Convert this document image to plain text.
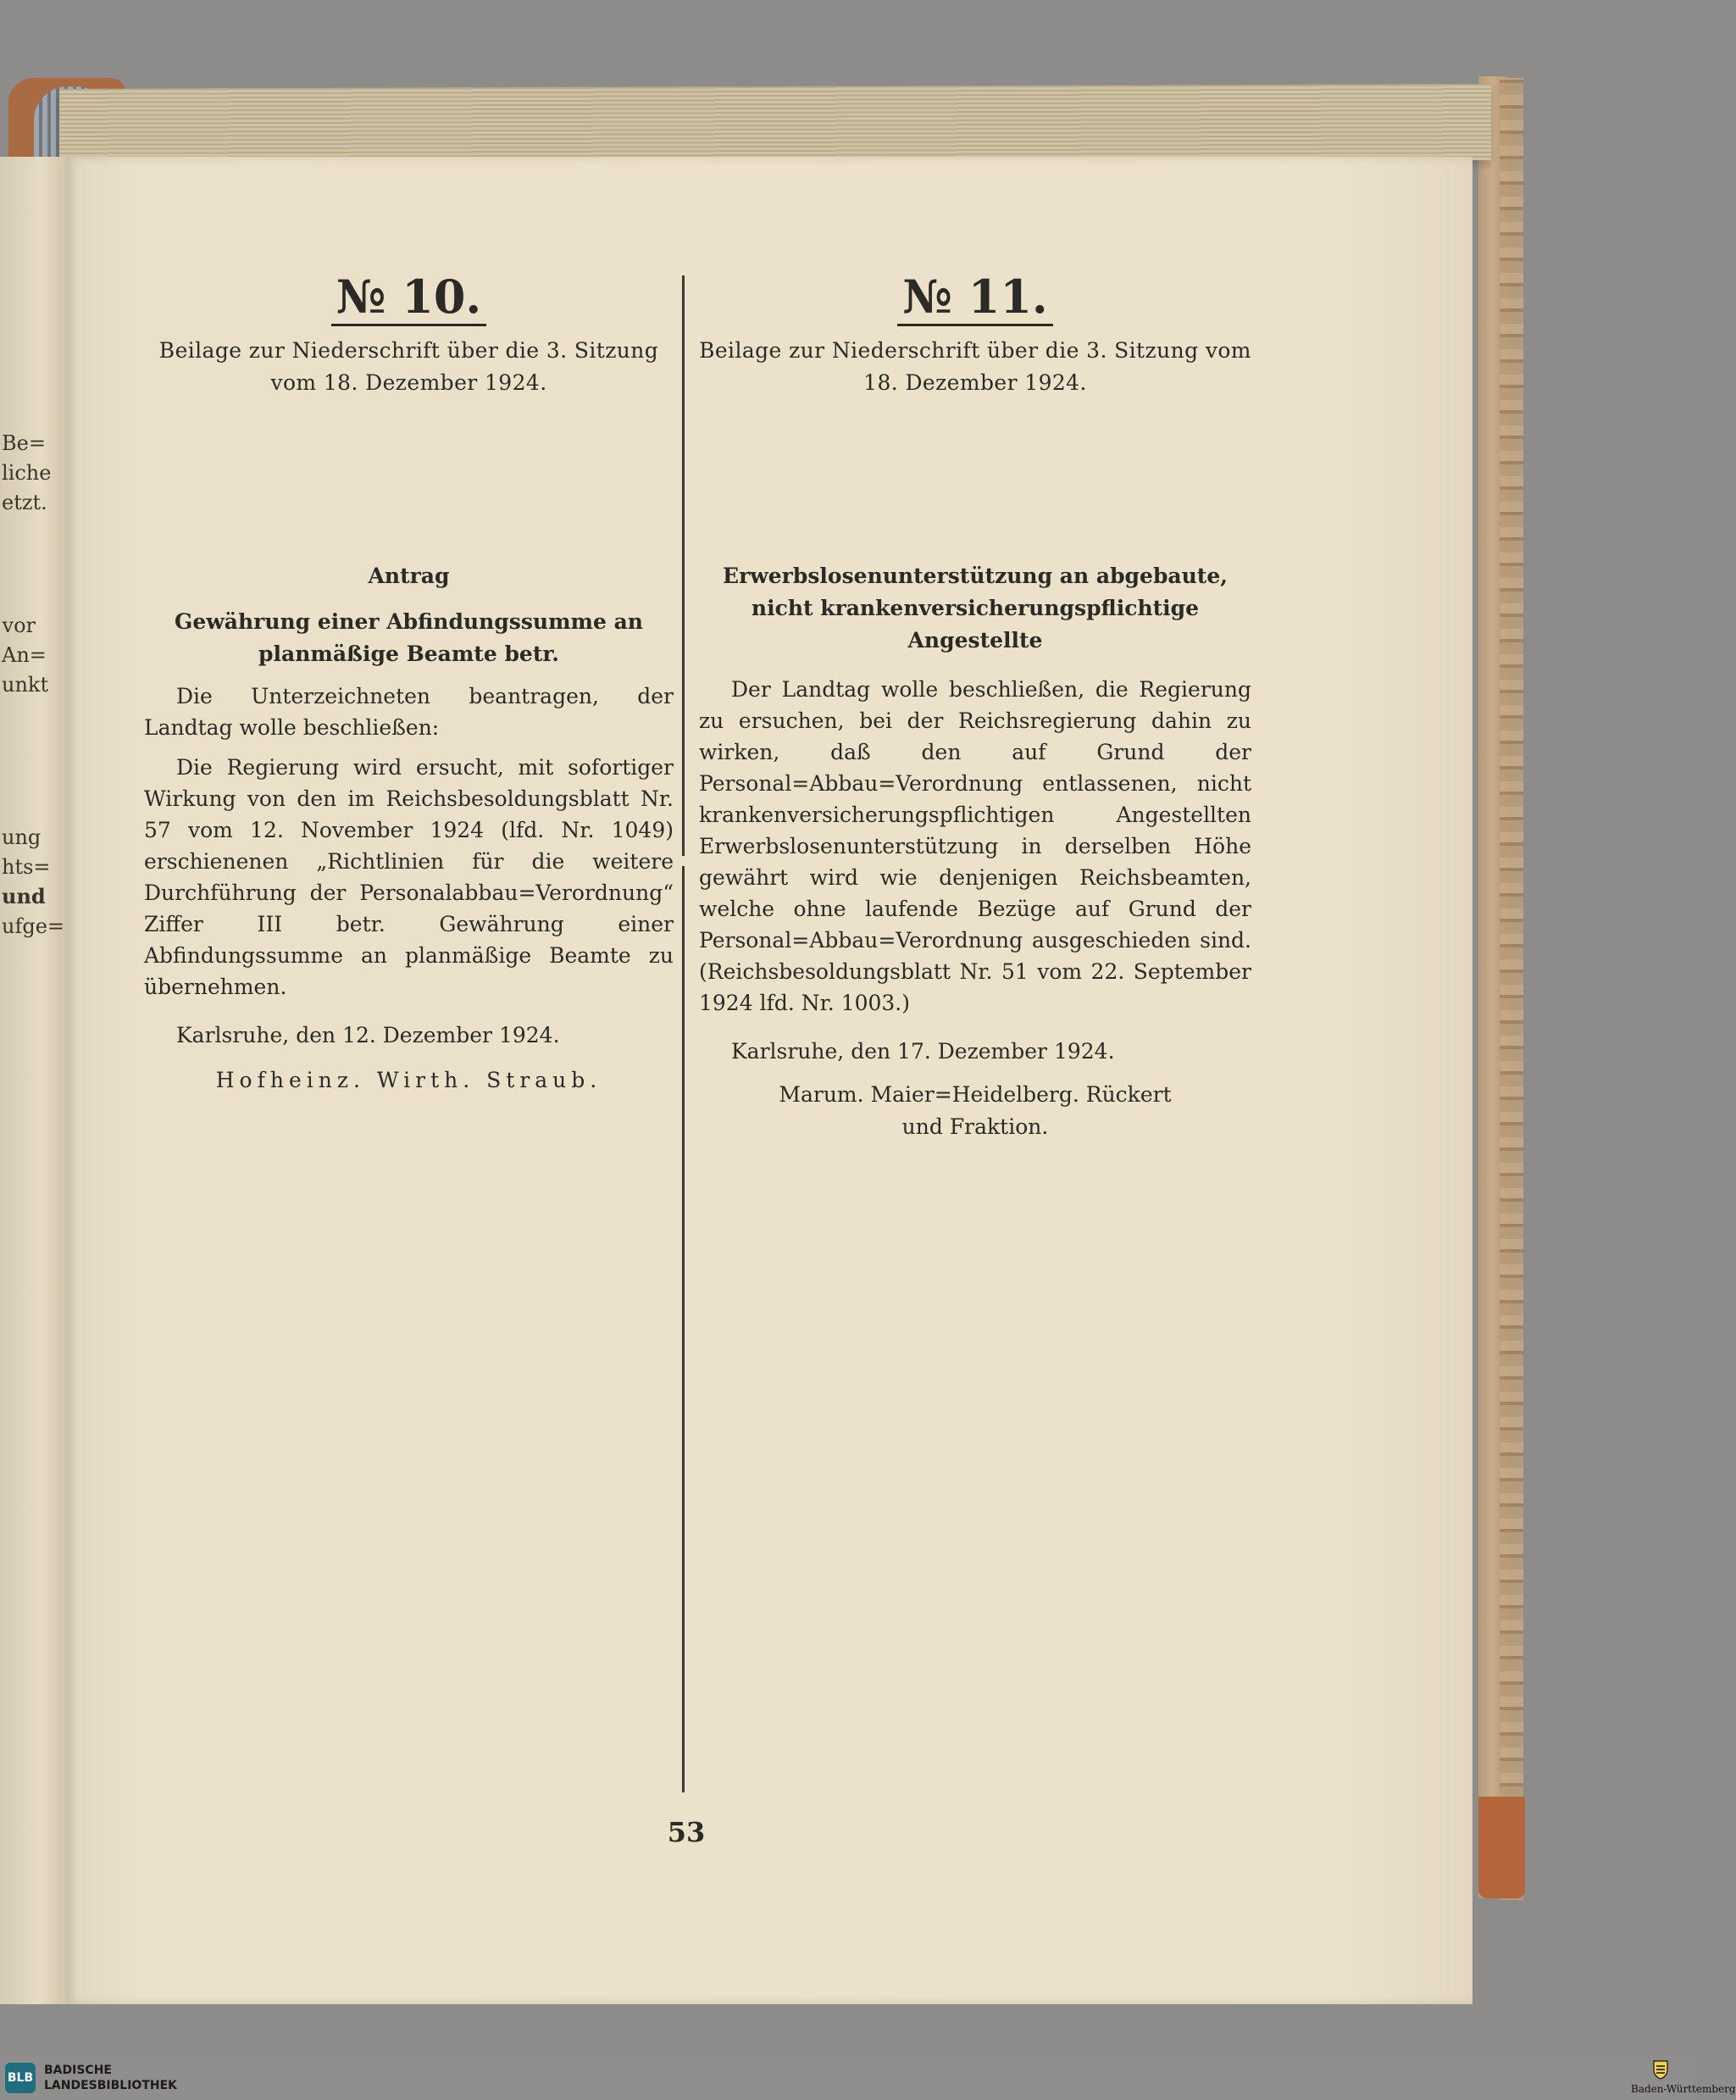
Be=
liche
etzt.
vor
An=
unkt
ung
hts=
und
ufge=

№ 10.

Beilage zur Niederschrift über die 3. Sitzung vom 18. Dezember 1924.

Antrag

Gewährung einer Abfindungssumme an planmäßige Beamte betr.

Die Unterzeichneten beantragen, der Landtag wolle beschließen:

Die Regierung wird ersucht, mit sofortiger Wirkung von den im Reichsbesoldungsblatt Nr. 57 vom 12. November 1924 (lfd. Nr. 1049) erschienenen „Richtlinien für die weitere Durchführung der Personalabbau=Verordnung“ Ziffer III betr. Gewährung einer Abfindungssumme an planmäßige Beamte zu übernehmen.

Karlsruhe, den 12. Dezember 1924.

Hofheinz. Wirth. Straub.

№ 11.

Beilage zur Niederschrift über die 3. Sitzung vom 18. Dezember 1924.

Erwerbslosenunterstützung an abgebaute, nicht krankenversicherungspflichtige Angestellte

Der Landtag wolle beschließen, die Regierung zu ersuchen, bei der Reichsregierung dahin zu wirken, daß den auf Grund der Personal=Abbau=Verordnung entlassenen, nicht krankenversicherungspflichtigen Angestellten Erwerbslosenunterstützung in derselben Höhe gewährt wird wie denjenigen Reichsbeamten, welche ohne laufende Bezüge auf Grund der Personal=Abbau=Verordnung ausgeschieden sind. (Reichsbesoldungsblatt Nr. 51 vom 22. September 1924 lfd. Nr. 1003.)

Karlsruhe, den 17. Dezember 1924.

Marum. Maier=Heidelberg. Rückert

und Fraktion.

53
BLB
BADISCHE
LANDESBIBLIOTHEK	Baden-Württemberg
